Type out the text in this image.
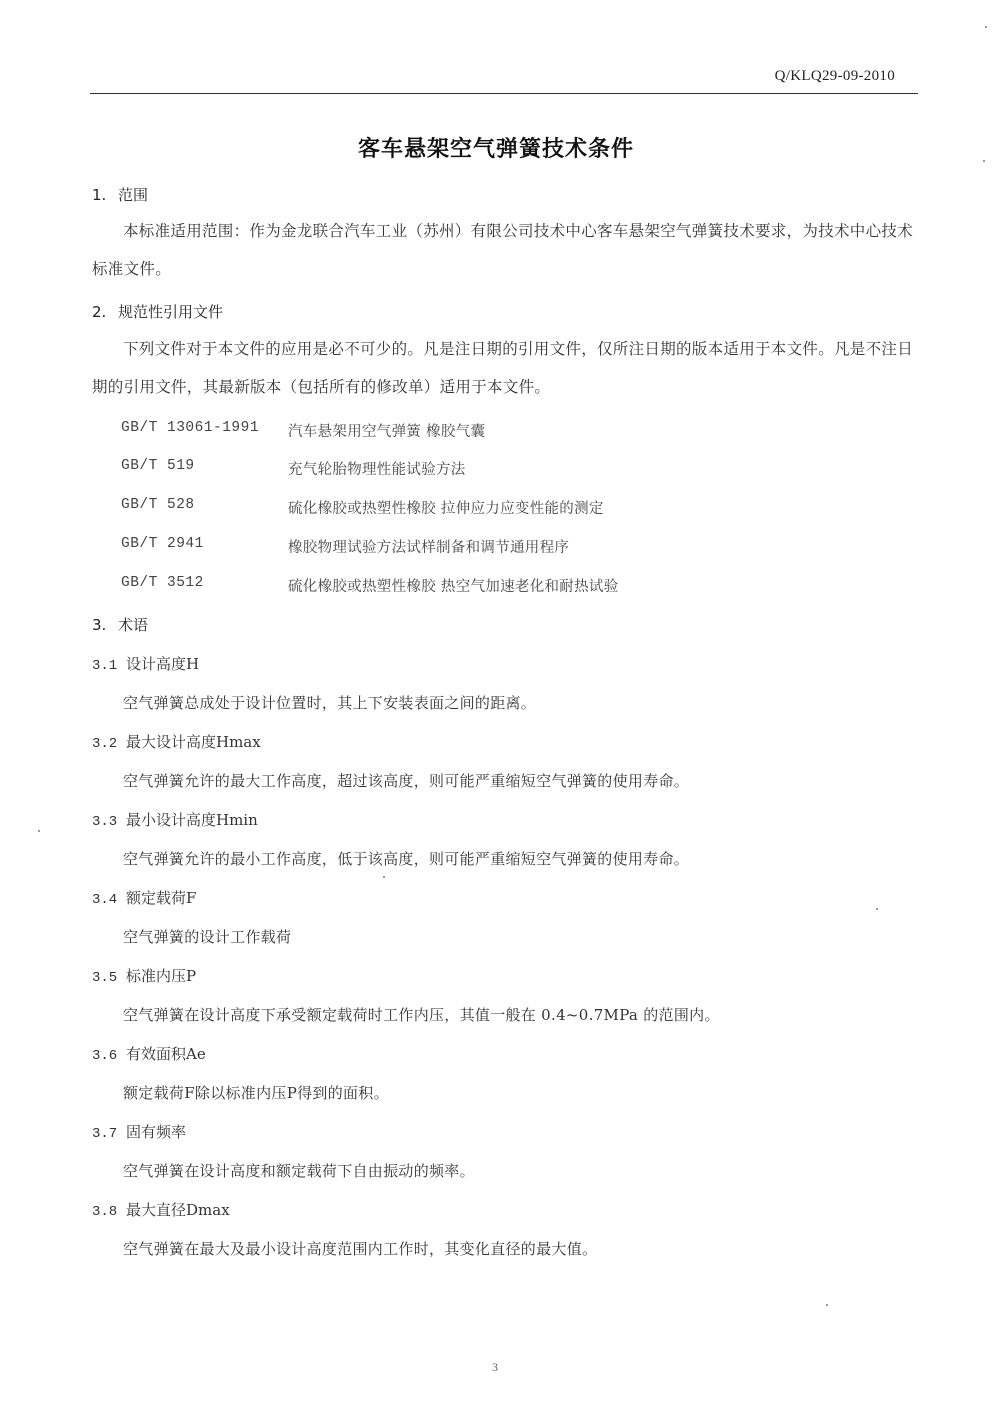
Q/KLQ29-09-2010
客车悬架空气弹簧技术条件
1. 范围
本标准适用范围：作为金龙联合汽车工业（苏州）有限公司技术中心客车悬架空气弹簧技术要求，为技术中心技术标准文件。
2. 规范性引用文件
下列文件对于本文件的应用是必不可少的。凡是注日期的引用文件，仅所注日期的版本适用于本文件。凡是不注日期的引用文件，其最新版本（包括所有的修改单）适用于本文件。
GB/T 13061-1991	汽车悬架用空气弹簧 橡胶气囊
GB/T 519	充气轮胎物理性能试验方法
GB/T 528	硫化橡胶或热塑性橡胶 拉伸应力应变性能的测定
GB/T 2941	橡胶物理试验方法试样制备和调节通用程序
GB/T 3512	硫化橡胶或热塑性橡胶 热空气加速老化和耐热试验
3. 术语
3.1 设计高度H
空气弹簧总成处于设计位置时，其上下安装表面之间的距离。
3.2 最大设计高度Hmax
空气弹簧允许的最大工作高度，超过该高度，则可能严重缩短空气弹簧的使用寿命。
3.3 最小设计高度Hmin
空气弹簧允许的最小工作高度，低于该高度，则可能严重缩短空气弹簧的使用寿命。
3.4 额定载荷F
空气弹簧的设计工作载荷
3.5 标准内压P
空气弹簧在设计高度下承受额定载荷时工作内压，其值一般在 0.4~0.7MPa 的范围内。
3.6 有效面积Ae
额定载荷F除以标准内压P得到的面积。
3.7 固有频率
空气弹簧在设计高度和额定载荷下自由振动的频率。
3.8 最大直径Dmax
空气弹簧在最大及最小设计高度范围内工作时，其变化直径的最大值。
3
